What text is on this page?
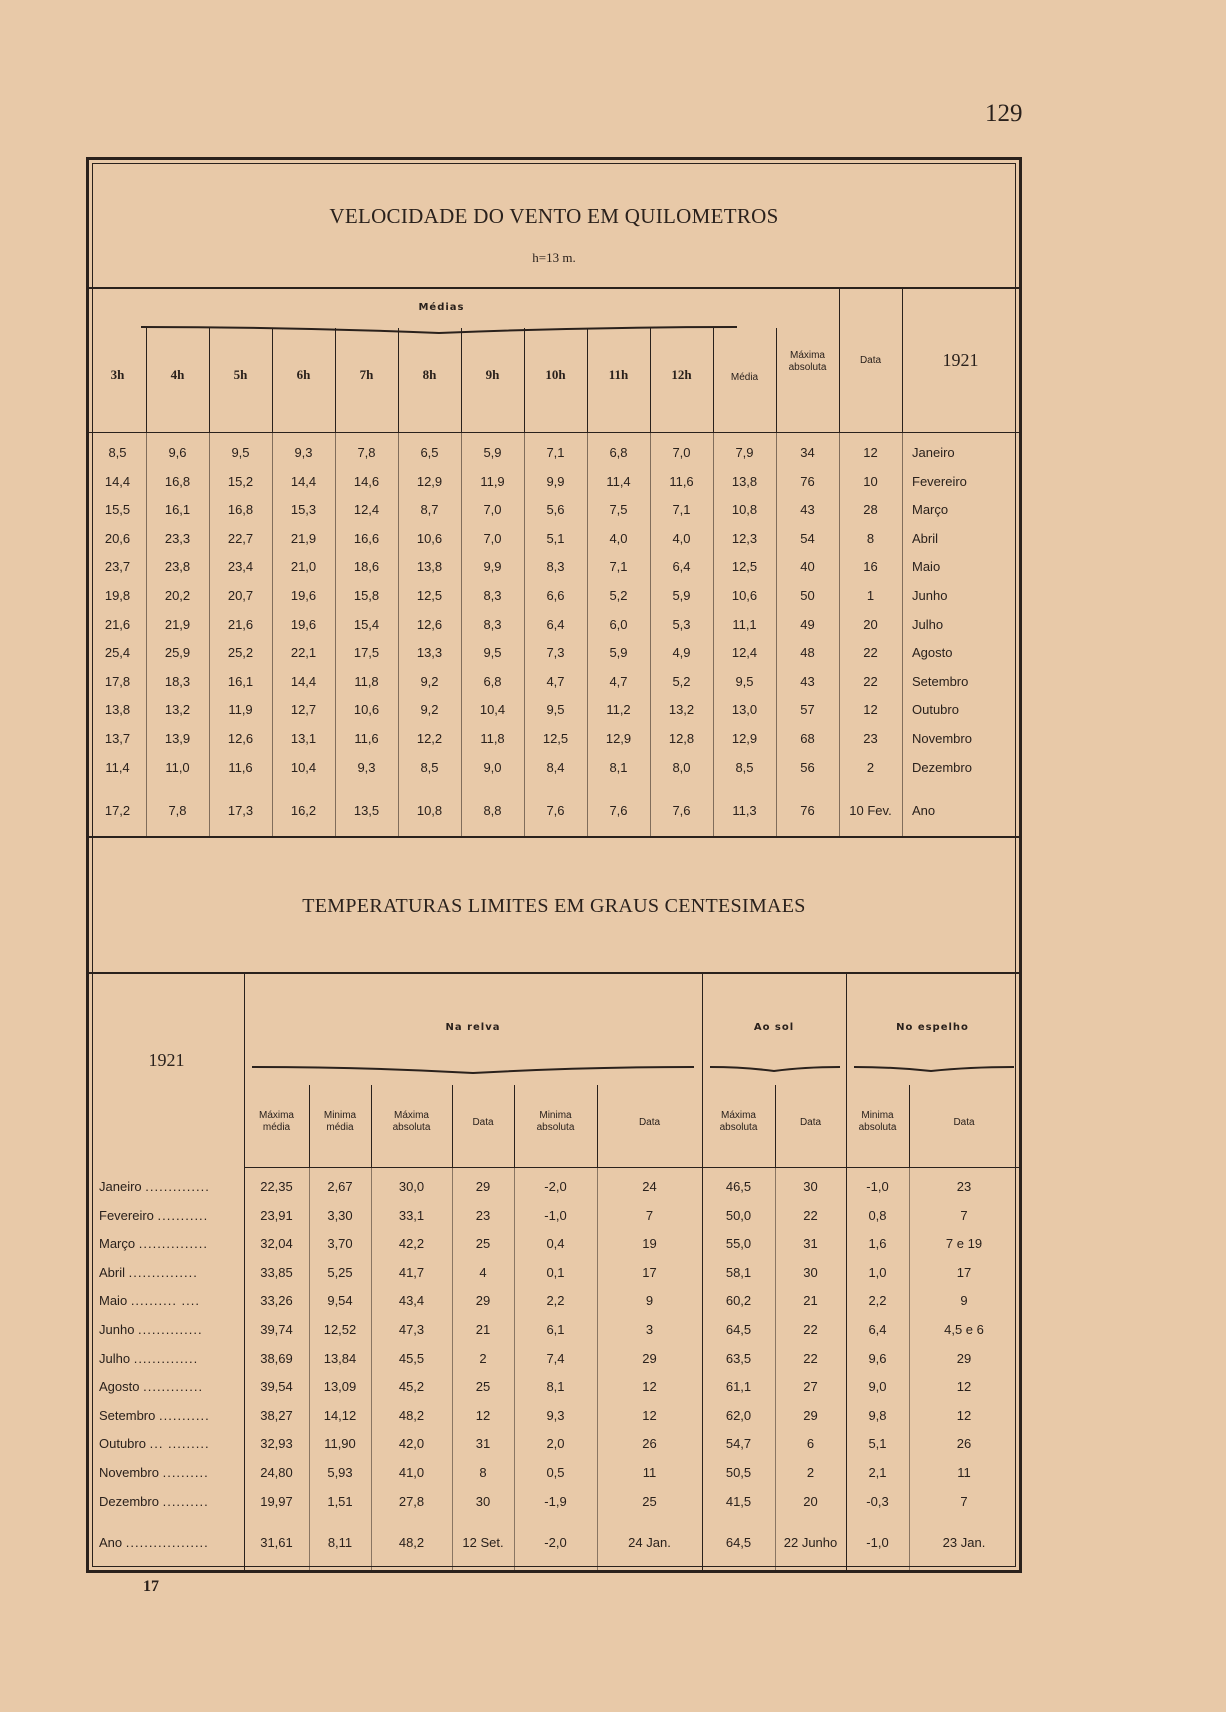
129
VELOCIDADE DO VENTO EM QUILOMETROS
h=13 m.
Médias
3h	4h	5h	6h	7h	8h	9h	10h	11h	12h	Média
Máxima
absoluta
Data	1921
8,5	9,6	9,5	9,3	7,8	6,5	5,9	7,1	6,8	7,0	7,9	34	12	Janeiro
14,4	16,8	15,2	14,4	14,6	12,9	11,9	9,9	11,4	11,6	13,8	76	10	Fevereiro
15,5	16,1	16,8	15,3	12,4	8,7	7,0	5,6	7,5	7,1	10,8	43	28	Março
20,6	23,3	22,7	21,9	16,6	10,6	7,0	5,1	4,0	4,0	12,3	54	8	Abril
23,7	23,8	23,4	21,0	18,6	13,8	9,9	8,3	7,1	6,4	12,5	40	16	Maio
19,8	20,2	20,7	19,6	15,8	12,5	8,3	6,6	5,2	5,9	10,6	50	1	Junho
21,6	21,9	21,6	19,6	15,4	12,6	8,3	6,4	6,0	5,3	11,1	49	20	Julho
25,4	25,9	25,2	22,1	17,5	13,3	9,5	7,3	5,9	4,9	12,4	48	22	Agosto
17,8	18,3	16,1	14,4	11,8	9,2	6,8	4,7	4,7	5,2	9,5	43	22	Setembro
13,8	13,2	11,9	12,7	10,6	9,2	10,4	9,5	11,2	13,2	13,0	57	12	Outubro
13,7	13,9	12,6	13,1	11,6	12,2	11,8	12,5	12,9	12,8	12,9	68	23	Novembro
11,4	11,0	11,6	10,4	9,3	8,5	9,0	8,4	8,1	8,0	8,5	56	2	Dezembro
17,2	7,8	17,3	16,2	13,5	10,8	8,8	7,6	7,6	7,6	11,3	76	10 Fev.	Ano
TEMPERATURAS LIMITES EM GRAUS CENTESIMAES
Na relva	Ao sol	No espelho
1921
Máxima
média
Minima
média
Máxima
absoluta	Data
Minima
absoluta	Data
Máxima
absoluta	Data
Minima
absoluta	Data
Janeiro ..............	22,35	2,67	30,0	29	-2,0	24	46,5	30	-1,0	23
Fevereiro ...........	23,91	3,30	33,1	23	-1,0	7	50,0	22	0,8	7
Março ...............	32,04	3,70	42,2	25	0,4	19	55,0	31	1,6	7 e 19
Abril ...............	33,85	5,25	41,7	4	0,1	17	58,1	30	1,0	17
Maio .......... ....	33,26	9,54	43,4	29	2,2	9	60,2	21	2,2	9
Junho ..............	39,74	12,52	47,3	21	6,1	3	64,5	22	6,4	4,5 e 6
Julho ..............	38,69	13,84	45,5	2	7,4	29	63,5	22	9,6	29
Agosto .............	39,54	13,09	45,2	25	8,1	12	61,1	27	9,0	12
Setembro ...........	38,27	14,12	48,2	12	9,3	12	62,0	29	9,8	12
Outubro ... .........	32,93	11,90	42,0	31	2,0	26	54,7	6	5,1	26
Novembro ..........	24,80	5,93	41,0	8	0,5	11	50,5	2	2,1	11
Dezembro ..........	19,97	1,51	27,8	30	-1,9	25	41,5	20	-0,3	7
Ano ..................	31,61	8,11	48,2	12 Set.	-2,0	24 Jan.	64,5	22 Junho	-1,0	23 Jan.
17
